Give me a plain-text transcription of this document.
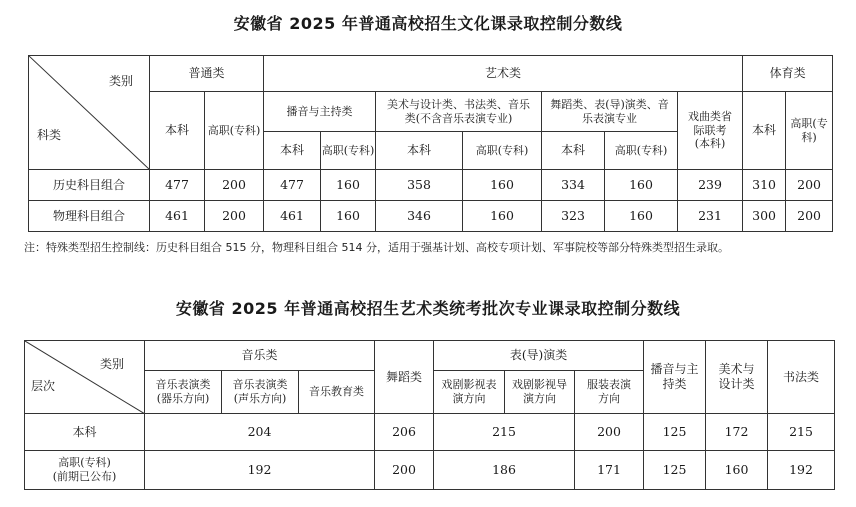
安徽省 2025 年普通高校招生文化课录取控制分数线
类别
科类	普通类		艺术类							体育类	
	本科	高职(专科)	播音与主持类		美术与设计类、书法类、音乐类(不含音乐表演专业)		舞蹈类、表(导)演类、音乐表演专业		戏曲类省际联考(本科)	本科	高职(专科)
			本科	高职(专科)	本科	高职(专科)	本科	高职(专科)			
历史科目组合	477	200	477	160	358	160	334	160	239	310	200
物理科目组合	461	200	461	160	346	160	323	160	231	300	200
注：特殊类型招生控制线：历史科目组合 515 分，物理科目组合 514 分，适用于强基计划、高校专项计划、军事院校等部分特殊类型招生录取。
安徽省 2025 年普通高校招生艺术类统考批次专业课录取控制分数线
类别
层次	音乐类			舞蹈类	表(导)演类			播音与主持类	美术与设计类	书法类
	音乐表演类(器乐方向)	音乐表演类(声乐方向)	音乐教育类		戏剧影视表演方向	戏剧影视导演方向	服装表演方向			
本科	204			206	215		200	125	172	215
高职(专科)
(前期已公布)	192			200	186		171	125	160	192
